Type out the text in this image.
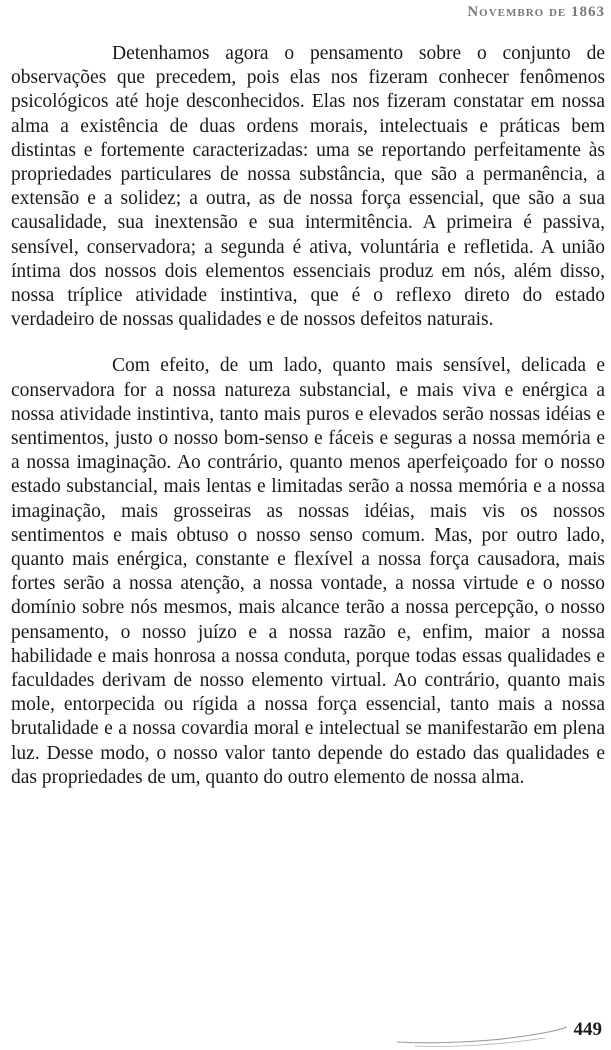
Novembro de 1863

Detenhamos agora o pensamento sobre o conjunto de observações que precedem, pois elas nos fizeram conhecer fenômenos psicológicos até hoje desconhecidos. Elas nos fizeram constatar em nossa alma a existência de duas ordens morais, intelectuais e práticas bem distintas e fortemente caracterizadas: uma se reportando perfeitamente às propriedades particulares de nossa substância, que são a permanência, a extensão e a solidez; a outra, as de nossa força essencial, que são a sua causalidade, sua inextensão e sua intermitência. A primeira é passiva, sensível, conservadora; a segunda é ativa, voluntária e refletida. A união íntima dos nossos dois elementos essenciais produz em nós, além disso, nossa tríplice atividade instintiva, que é o reflexo direto do estado verdadeiro de nossas qualidades e de nossos defeitos naturais.

Com efeito, de um lado, quanto mais sensível, delicada e conservadora for a nossa natureza substancial, e mais viva e enérgica a nossa atividade instintiva, tanto mais puros e elevados serão nossas idéias e sentimentos, justo o nosso bom-senso e fáceis e seguras a nossa memória e a nossa imaginação. Ao contrário, quanto menos aperfeiçoado for o nosso estado substancial, mais lentas e limitadas serão a nossa memória e a nossa imaginação, mais grosseiras as nossas idéias, mais vis os nossos sentimentos e mais obtuso o nosso senso comum. Mas, por outro lado, quanto mais enérgica, constante e flexível a nossa força causadora, mais fortes serão a nossa atenção, a nossa vontade, a nossa virtude e o nosso domínio sobre nós mesmos, mais alcance terão a nossa percepção, o nosso pensamento, o nosso juízo e a nossa razão e, enfim, maior a nossa habilidade e mais honrosa a nossa conduta, porque todas essas qualidades e faculdades derivam de nosso elemento virtual. Ao contrário, quanto mais mole, entorpecida ou rígida a nossa força essencial, tanto mais a nossa brutalidade e a nossa covardia moral e intelectual se manifestarão em plena luz. Desse modo, o nosso valor tanto depende do estado das qualidades e das propriedades de um, quanto do outro elemento de nossa alma.

449
